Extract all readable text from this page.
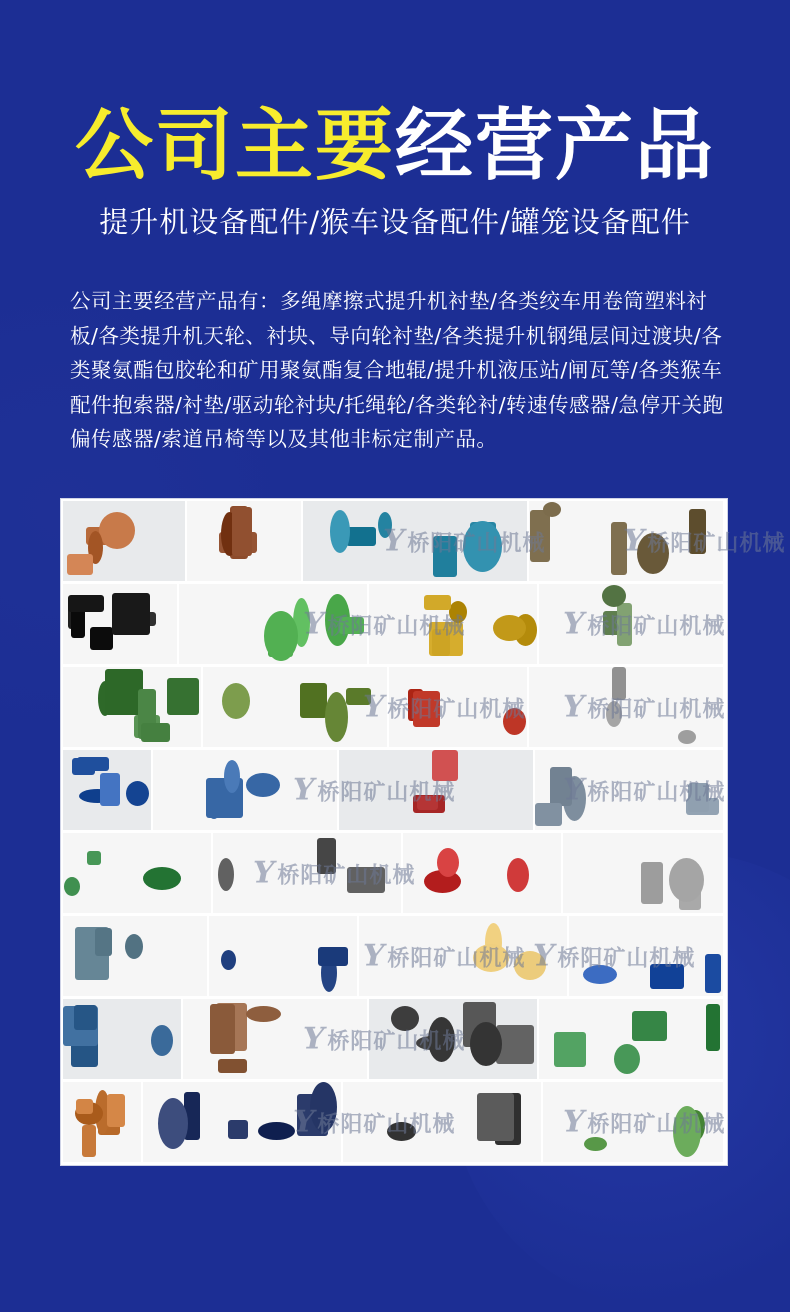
公司主要经营产品
提升机设备配件/猴车设备配件/罐笼设备配件
公司主要经营产品有：多绳摩擦式提升机衬垫/各类绞车用卷筒塑料衬板/各类提升机天轮、衬块、导向轮衬垫/各类提升机钢绳层间过渡块/各类聚氨酯包胶轮和矿用聚氨酯复合地辊/提升机液压站/闸瓦等/各类猴车配件抱索器/衬垫/驱动轮衬块/托绳轮/各类轮衬/转速传感器/急停开关跑偏传感器/索道吊椅等以及其他非标定制产品。
Y桥阳矿山机械	Y桥阳矿山机械
Y桥阳矿山机械	Y桥阳矿山机械
Y桥阳矿山机械 Y桥阳矿山机械
Y桥阳矿山机械	Y桥阳矿山机械
Y桥阳矿山机械
Y桥阳矿山机械 Y桥阳矿山机械
Y桥阳矿山机械
Y桥阳矿山机械	Y桥阳矿山机械
